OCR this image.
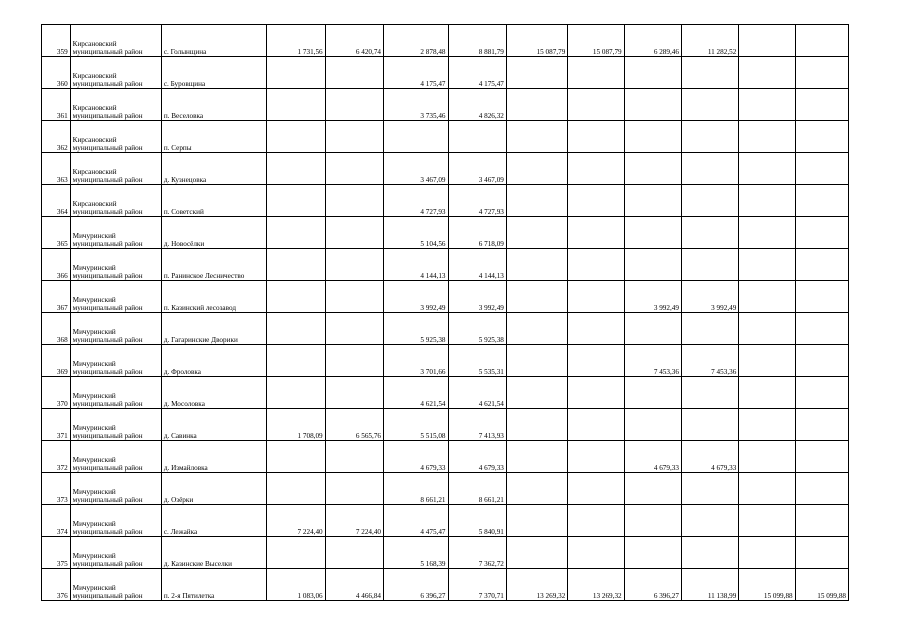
359	Кирсановский муниципальный район	с. Голынщина	1 731,56	6 420,74	2 878,48	8 881,79	15 087,79	15 087,79	6 289,46	11 282,52		
360	Кирсановский муниципальный район	с. Буровщина			4 175,47	4 175,47						
361	Кирсановский муниципальный район	п. Веселовка			3 735,46	4 826,32						
362	Кирсановский муниципальный район	п. Серпы										
363	Кирсановский муниципальный район	д. Кузнецовка			3 467,09	3 467,09						
364	Кирсановский муниципальный район	п. Советский			4 727,93	4 727,93						
365	Мичуринский муниципальный район	д. Новосёлки			5 104,56	6 718,09						
366	Мичуринский муниципальный район	п. Ранинское Лесничество			4 144,13	4 144,13						
367	Мичуринский муниципальный район	п. Казинский лесозавод			3 992,49	3 992,49			3 992,49	3 992,49		
368	Мичуринский муниципальный район	д. Гагаринские Дворики			5 925,38	5 925,38						
369	Мичуринский муниципальный район	д. Фроловка			3 701,66	5 535,31			7 453,36	7 453,36		
370	Мичуринский муниципальный район	д. Мосоловка			4 621,54	4 621,54						
371	Мичуринский муниципальный район	д. Савинка	1 708,09	6 565,76	5 515,08	7 413,93						
372	Мичуринский муниципальный район	д. Измайловка			4 679,33	4 679,33			4 679,33	4 679,33		
373	Мичуринский муниципальный район	д. Озёрки			8 661,21	8 661,21						
374	Мичуринский муниципальный район	с. Лежайка	7 224,40	7 224,40	4 475,47	5 840,91						
375	Мичуринский муниципальный район	д. Казинские Выселки			5 168,39	7 362,72						
376	Мичуринский муниципальный район	п. 2-я Пятилетка	1 083,06	4 466,84	6 396,27	7 370,71	13 269,32	13 269,32	6 396,27	11 138,99	15 099,88	15 099,88
